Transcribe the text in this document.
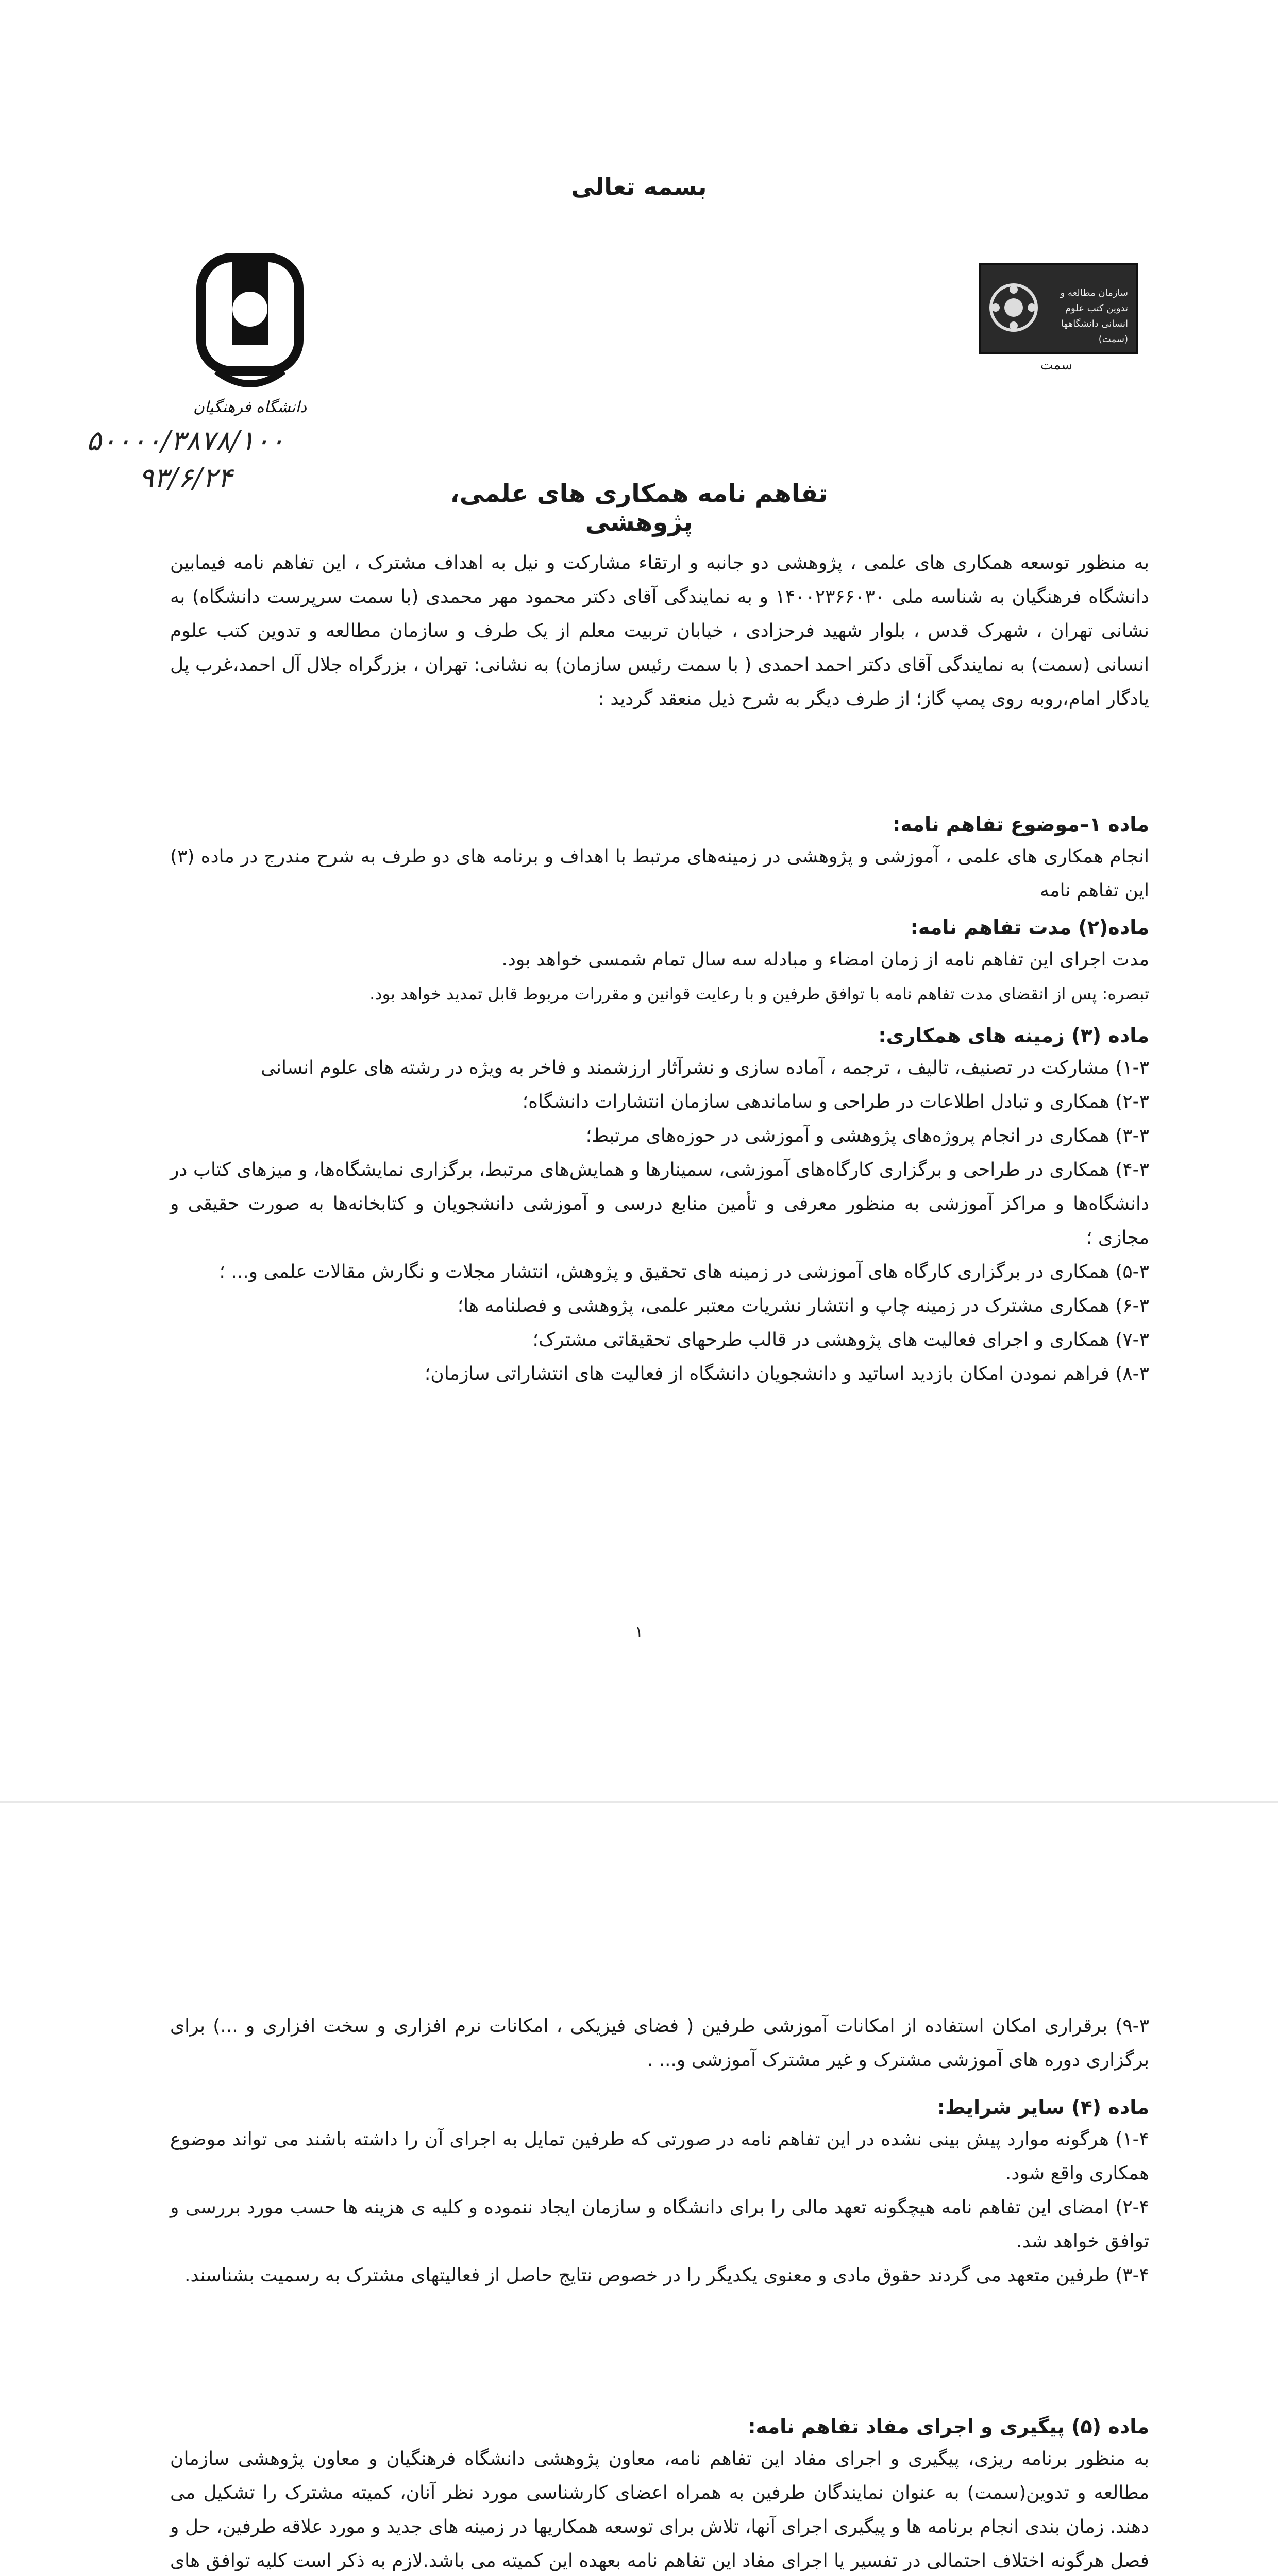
بسمه تعالی
دانشگاه فرهنگیان
سازمان مطالعه و تدوین کتب علوم انسانی دانشگاهها (سمت)
سمت
۵۰۰۰۰/۳۸۷۸/۱۰۰
۹۳/۶/۲۴	تفاهم نامه همکاری های علمی، پژوهشی
به منظور توسعه همکاری های علمی ، پژوهشی دو جانبه و ارتقاء مشارکت و نیل به اهداف مشترک ، این تفاهم نامه فیمابین دانشگاه فرهنگیان به شناسه ملی ۱۴۰۰۲۳۶۶۰۳۰ و به نمایندگی آقای دکتر محمود مهر محمدی (با سمت سرپرست دانشگاه) به نشانی تهران ، شهرک قدس ، بلوار شهید فرحزادی ، خیابان تربیت معلم از یک طرف و سازمان مطالعه و تدوین کتب علوم انسانی (سمت) به نمایندگی آقای دکتر احمد احمدی ( با سمت رئیس سازمان) به نشانی: تهران ، بزرگراه جلال آل احمد،غرب پل یادگار امام،روبه روی پمپ گاز؛ از طرف دیگر به شرح ذیل منعقد گردید :
ماده ۱–موضوع تفاهم نامه:
انجام همکاری های علمی ، آموزشی و پژوهشی در زمینه‌های مرتبط با اهداف و برنامه های دو طرف به شرح مندرج در ماده (۳) این تفاهم نامه
ماده(۲) مدت تفاهم نامه:

مدت اجرای این تفاهم نامه از زمان امضاء و مبادله سه سال تمام شمسی خواهد بود.

تبصره: پس از انقضای مدت تفاهم نامه با توافق طرفین و با رعایت قوانین و مقررات مربوط قابل تمدید خواهد بود.

ماده (۳) زمینه های همکاری:

۱-۳) مشارکت در تصنیف، تالیف ، ترجمه ، آماده سازی و نشرآثار ارزشمند و فاخر به ویژه در رشته های علوم انسانی

۲-۳) همکاری و تبادل اطلاعات در طراحی و ساماندهی سازمان انتشارات دانشگاه؛

۳-۳) همکاری در انجام پروژه‌های پژوهشی و آموزشی در حوزه‌های مرتبط؛

۴-۳) همکاری در طراحی و برگزاری کارگاه‌های آموزشی، سمینارها و همایش‌های مرتبط، برگزاری نمایشگاه‌ها، و میزهای کتاب در دانشگاه‌ها و مراکز آموزشی به منظور معرفی و تأمین منابع درسی و آموزشی دانشجویان و کتابخانه‌ها به صورت حقیقی و مجازی ؛

۵-۳) همکاری در برگزاری کارگاه های آموزشی در زمینه های تحقیق و پژوهش، انتشار مجلات و نگارش مقالات علمی و... ؛

۶-۳) همکاری مشترک در زمینه چاپ و انتشار نشریات معتبر علمی، پژوهشی و فصلنامه ها؛

۷-۳) همکاری و اجرای فعالیت های پژوهشی در قالب طرحهای تحقیقاتی مشترک؛

۸-۳) فراهم نمودن امکان بازدید اساتید و دانشجویان دانشگاه از فعالیت های انتشاراتی سازمان؛

۱
۹-۳) برقراری امکان استفاده از امکانات آموزشی طرفین ( فضای فیزیکی ، امکانات نرم افزاری و سخت افزاری و ...) برای برگزاری دوره های آموزشی مشترک و غیر مشترک آموزشی و... .
ماده (۴) سایر شرایط:

۱-۴) هرگونه موارد پیش بینی نشده در این تفاهم نامه در صورتی که طرفین تمایل به اجرای آن را داشته باشند می تواند موضوع همکاری واقع شود.

۲-۴) امضای این تفاهم نامه هیچگونه تعهد مالی را برای دانشگاه و سازمان ایجاد ننموده و کلیه ی هزینه ها حسب مورد بررسی و توافق خواهد شد.

۳-۴) طرفین متعهد می گردند حقوق مادی و معنوی یکدیگر را در خصوص نتایج حاصل از فعالیتهای مشترک به رسمیت بشناسند.

ماده (۵) پیگیری و اجرای مفاد تفاهم نامه:
به منظور برنامه ریزی، پیگیری و اجرای مفاد این تفاهم نامه، معاون پژوهشی دانشگاه فرهنگیان و معاون پژوهشی سازمان مطالعه و تدوین(سمت) به عنوان نمایندگان طرفین به همراه اعضای کارشناسی مورد نظر آنان، کمیته مشترک را تشکیل می دهند. زمان بندی انجام برنامه ها و پیگیری اجرای آنها، تلاش برای توسعه همکاریها در زمینه های جدید و مورد علاقه طرفین، حل و فصل هرگونه اختلاف احتمالی در تفسیر یا اجرای مفاد این تفاهم نامه بعهده این کمیته می باشد.لازم به ذکر است کلیه توافق های
